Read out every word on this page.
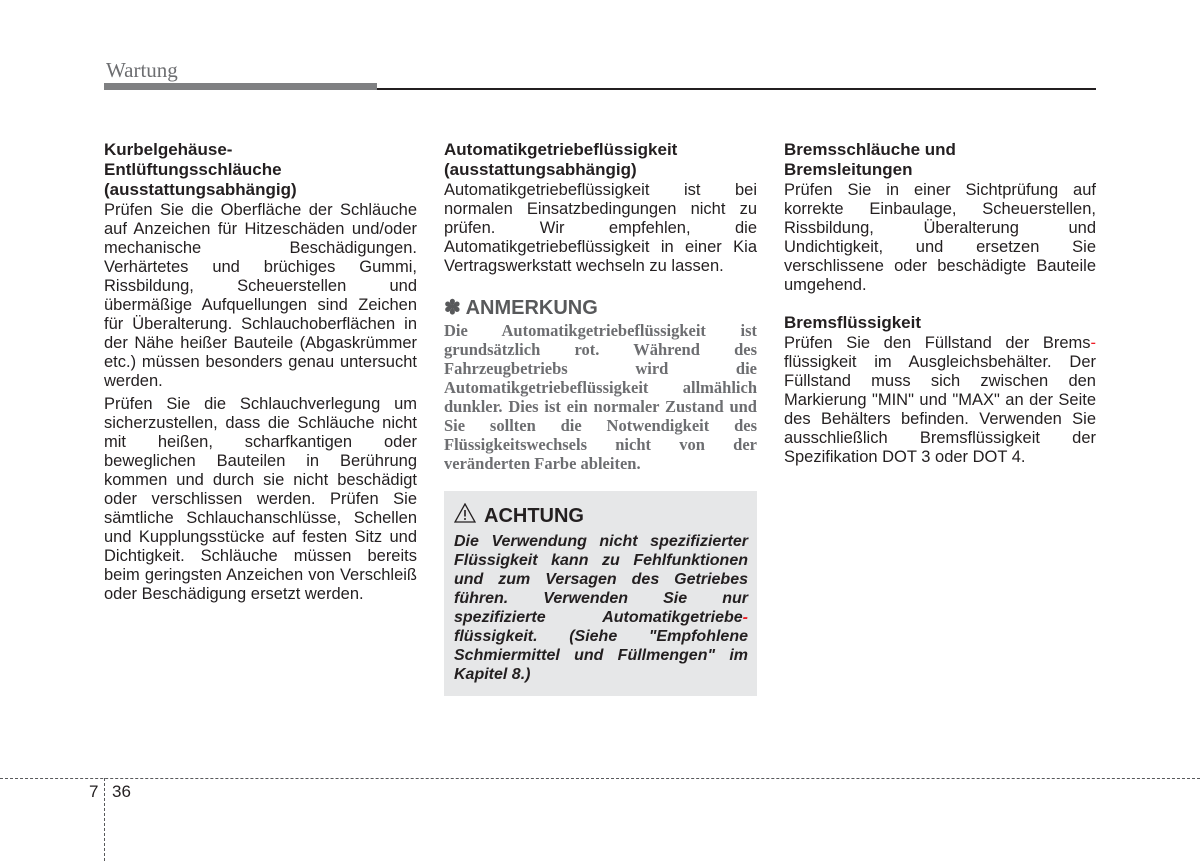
Wartung
Kurbelgehäuse-
Entlüftungsschläuche
(ausstattungsabhängig)
Prüfen Sie die Oberfläche der Schläuche auf Anzeichen für Hitzeschäden und/oder mechanische Beschädigungen. Verhärtetes und brüchiges Gummi, Rissbildung, Scheuerstellen und übermäßige Aufquellungen sind Zeichen für Überalterung. Schlauchoberflächen in der Nähe heißer Bauteile (Abgaskrümmer etc.) müssen besonders genau untersucht werden.
Prüfen Sie die Schlauchverlegung um sicherzustellen, dass die Schläuche nicht mit heißen, scharfkantigen oder beweglichen Bauteilen in Berührung kommen und durch sie nicht beschädigt oder verschlissen werden. Prüfen Sie sämtliche Schlauchanschlüsse, Schellen und Kupplungsstücke auf festen Sitz und Dichtigkeit. Schläuche müssen bereits beim geringsten Anzeichen von Verschleiß oder Beschädigung ersetzt werden.
Automatikgetriebeflüssigkeit
(ausstattungsabhängig)
Automatikgetriebeflüssigkeit ist bei normalen Einsatzbedingungen nicht zu prüfen. Wir empfehlen, die Automatikgetriebeflüssigkeit in einer Kia Vertragswerkstatt wechseln zu lassen.
✽ ANMERKUNG
Die Automatikgetriebeflüssigkeit ist grundsätzlich rot. Während des Fahrzeugbetriebs wird die Automatikgetriebeflüssigkeit allmählich dunkler. Dies ist ein normaler Zustand und Sie sollten die Notwendigkeit des Flüssigkeitswechsels nicht von der veränderten Farbe ableiten.
ACHTUNG
Die Verwendung nicht spezifizierter Flüssigkeit kann zu Fehlfunktionen und zum Versagen des Getriebes führen. Verwenden Sie nur spezifizierte Automatikgetriebe- flüssigkeit. (Siehe "Empfohlene Schmiermittel und Füllmengen" im Kapitel 8.)
Bremsschläuche und
Bremsleitungen
Prüfen Sie in einer Sichtprüfung auf korrekte Einbaulage, Scheuerstellen, Rissbildung, Überalterung und Undichtigkeit, und ersetzen Sie verschlissene oder beschädigte Bauteile umgehend.
Bremsflüssigkeit
Prüfen Sie den Füllstand der Brems- flüssigkeit im Ausgleichsbehälter. Der Füllstand muss sich zwischen den Markierung "MIN" und "MAX" an der Seite des Behälters befinden. Verwenden Sie ausschließlich Bremsflüssigkeit der Spezifikation DOT 3 oder DOT 4.
7 36
